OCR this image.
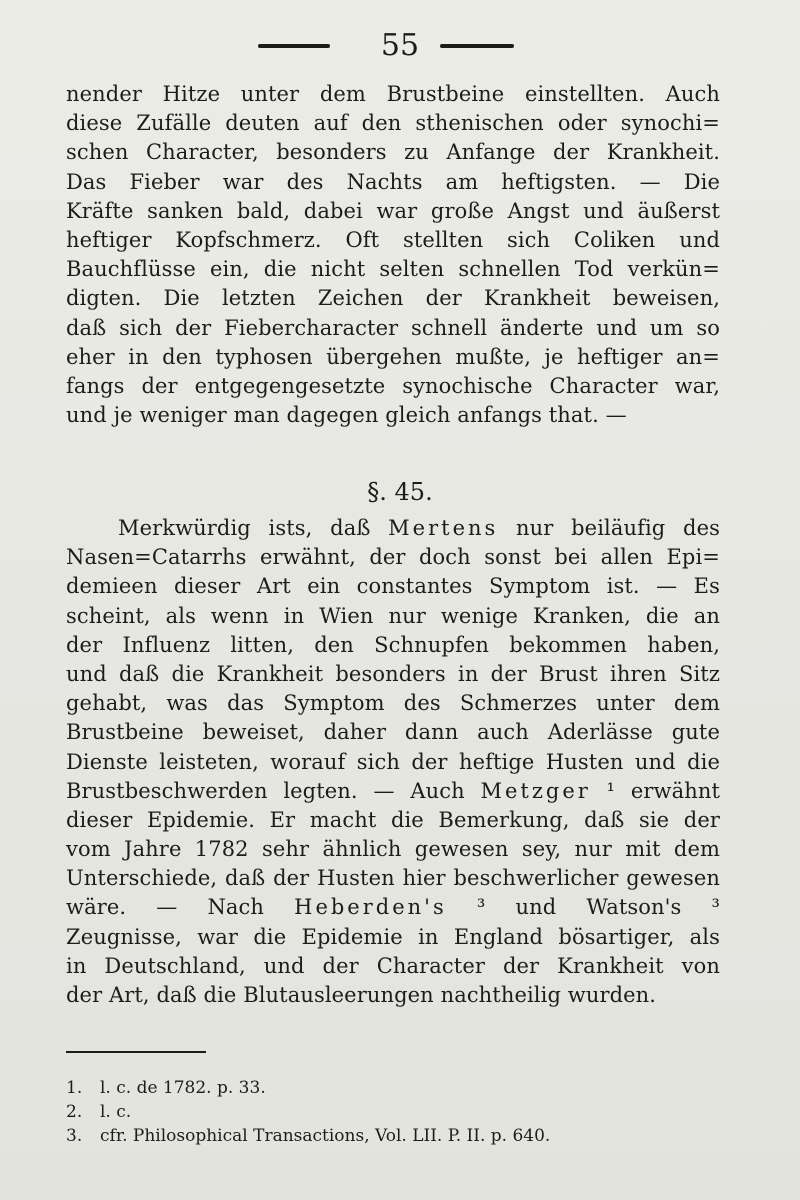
55
nender Hitze unter dem Brustbeine einstellten. Auch
diese Zufälle deuten auf den sthenischen oder synochi=
schen Character, besonders zu Anfange der Krankheit.
Das Fieber war des Nachts am heftigsten. — Die
Kräfte sanken bald, dabei war große Angst und äußerst
heftiger Kopfschmerz. Oft stellten sich Coliken und
Bauchflüsse ein, die nicht selten schnellen Tod verkün=
digten. Die letzten Zeichen der Krankheit beweisen,
daß sich der Fiebercharacter schnell änderte und um so
eher in den typhosen übergehen mußte, je heftiger an=
fangs der entgegengesetzte synochische Character war,
und je weniger man dagegen gleich anfangs that. —
§. 45.
Merkwürdig ists, daß Mertens nur beiläufig des
Nasen=Catarrhs erwähnt, der doch sonst bei allen Epi=
demieen dieser Art ein constantes Symptom ist. — Es
scheint, als wenn in Wien nur wenige Kranken, die an
der Influenz litten, den Schnupfen bekommen haben,
und daß die Krankheit besonders in der Brust ihren Sitz
gehabt, was das Symptom des Schmerzes unter dem
Brustbeine beweiset, daher dann auch Aderlässe gute
Dienste leisteten, worauf sich der heftige Husten und die
Brustbeschwerden legten. — Auch Metzger ¹ erwähnt
dieser Epidemie. Er macht die Bemerkung, daß sie der
vom Jahre 1782 sehr ähnlich gewesen sey, nur mit dem
Unterschiede, daß der Husten hier beschwerlicher gewesen
wäre. — Nach Heberden's ³ und Watson's ³
Zeugnisse, war die Epidemie in England bösartiger, als
in Deutschland, und der Character der Krankheit von
der Art, daß die Blutausleerungen nachtheilig wurden.
1. l. c. de 1782. p. 33.
2. l. c.
3. cfr. Philosophical Transactions, Vol. LII. P. II. p. 640.
